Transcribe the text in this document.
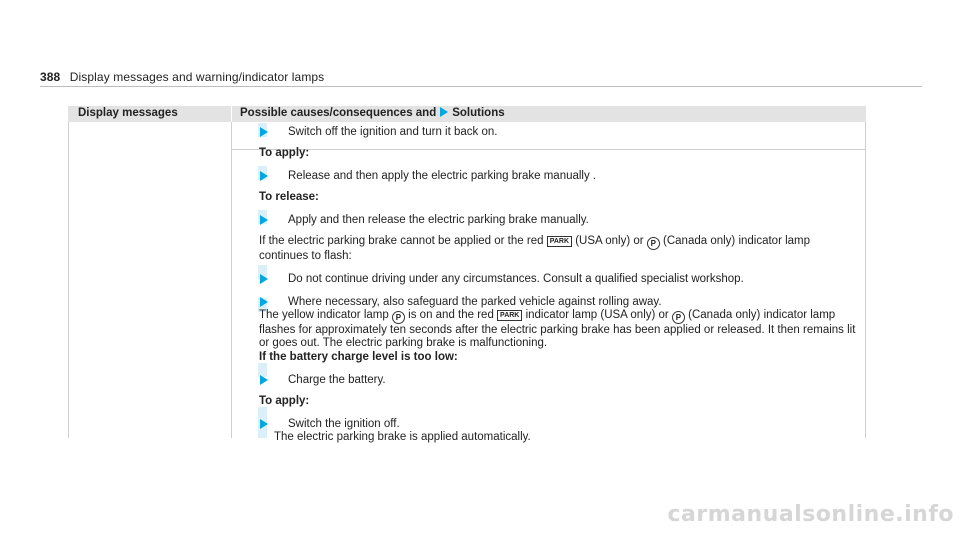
388 Display messages and warning/indicator lamps
Display messages	Possible causes/consequences and Solutions

Switch off the ignition and turn it back on.

To apply:

Release and then apply the electric parking brake manually .

To release:

Apply and then release the electric parking brake manually.

If the electric parking brake cannot be applied or the red PARK (USA only) or P (Canada only) indicator lamp continues to flash:

Do not continue driving under any circumstances. Consult a qualified specialist workshop.

Where necessary, also safeguard the parked vehicle against rolling away.

The yellow indicator lamp P is on and the red PARK indicator lamp (USA only) or P (Canada only) indicator lamp flashes for approximately ten seconds after the electric parking brake has been applied or released. It then remains lit or goes out. The electric parking brake is malfunctioning.

If the battery charge level is too low:

Charge the battery.

To apply:

Switch the ignition off.

The electric parking brake is applied automatically.

carmanualsonline.info
